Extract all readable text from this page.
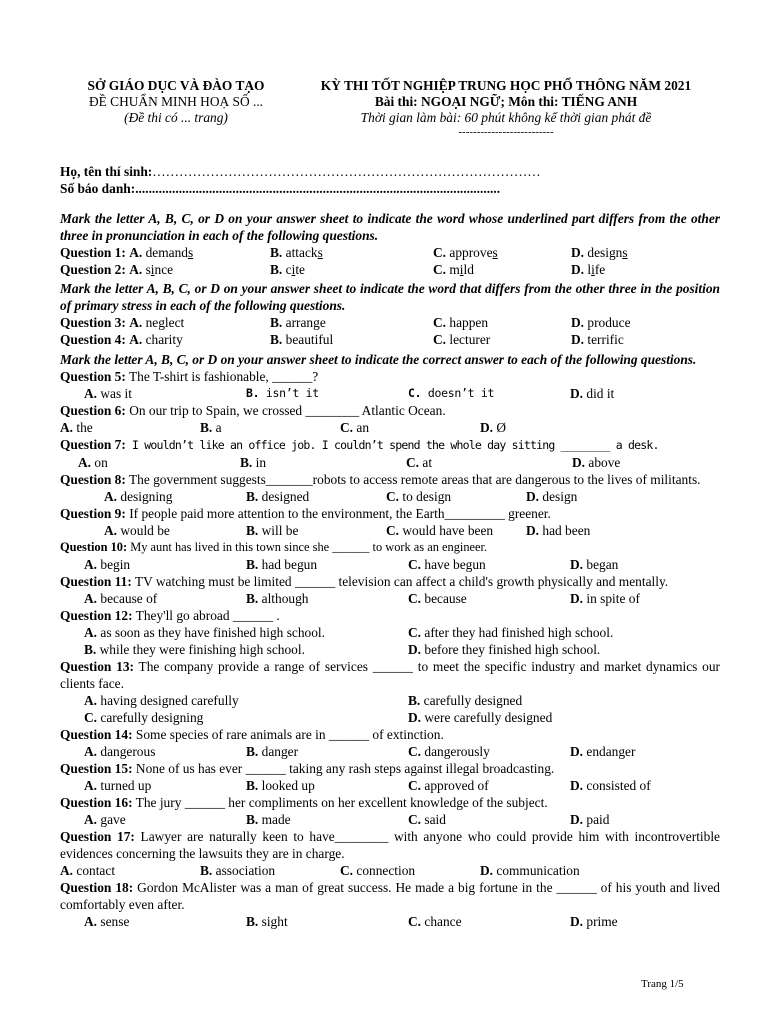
SỞ GIÁO DỤC VÀ ĐÀO TẠO	KỲ THI TỐT NGHIỆP TRUNG HỌC PHỔ THÔNG NĂM 2021
ĐỀ CHUẨN MINH HOẠ SỐ ...	Bài thi: NGOẠI NGỮ; Môn thi: TIẾNG ANH
(Đề thi có ... trang)	Thời gian làm bài: 60 phút không kể thời gian phát đề
--------------------------
Họ, tên thí sinh:……………………………………………………………………………
Số báo danh:.............................................................................................................
Mark the letter A, B, C, or D on your answer sheet to indicate the word whose underlined part differs from the other three in pronunciation in each of the following questions.
Question 1: A. demands	B. attacks	C. approves	D. designs
Question 2: A. since	B. cite	C. mild	D. life
Mark the letter A, B, C, or D on your answer sheet to indicate the word that differs from the other three in the position of primary stress in each of the following questions.
Question 3: A. neglect	B. arrange	C. happen	D. produce
Question 4: A. charity	B. beautiful	C. lecturer	D. terrific
Mark the letter A, B, C, or D on your answer sheet to indicate the correct answer to each of the following questions.
Question 5: The T-shirt is fashionable, ______?
A. was it	B. isn’t it	C. doesn’t it	D. did it
Question 6: On our trip to Spain, we crossed ________ Atlantic Ocean.
A. the	B. a	C. an	D. Ø
Question 7: I wouldn’t like an office job. I couldn’t spend the whole day sitting ________ a desk.
A. on	B. in	C. at	D. above
Question 8: The government suggests_______robots to access remote areas that are dangerous to the lives of militants.
A. designing	B. designed	C. to design	D. design
Question 9: If people paid more attention to the environment, the Earth_________ greener.
A. would be	B. will be	C. would have been	D. had been
Question 10: My aunt has lived in this town since she ______ to work as an engineer.
A. begin	B. had begun	C. have begun	D. began
Question 11: TV watching must be limited ______ television can affect a child's growth physically and mentally.
A. because of	B. although	C. because	D. in spite of
Question 12: They'll go abroad ______ .
A. as soon as they have finished high school.	C. after they had finished high school.
B. while they were finishing high school.	D. before they finished high school.
Question 13: The company provide a range of services ______ to meet the specific industry and market dynamics our clients face.
A. having designed carefully	B. carefully designed
C. carefully designing	D. were carefully designed
Question 14: Some species of rare animals are in ______ of extinction.
A. dangerous	B. danger	C. dangerously	D. endanger
Question 15: None of us has ever ______ taking any rash steps against illegal broadcasting.
A. turned up	B. looked up	C. approved of	D. consisted of
Question 16: The jury ______ her compliments on her excellent knowledge of the subject.
A. gave	B. made	C. said	D. paid
Question 17: Lawyer are naturally keen to have________ with anyone who could provide him with incontrovertible evidences concerning the lawsuits they are in charge.
A. contact	B. association	C. connection	D. communication
Question 18: Gordon McAlister was a man of great success. He made a big fortune in the ______ of his youth and lived comfortably even after.
A. sense	B. sight	C. chance	D. prime
Trang 1/5
